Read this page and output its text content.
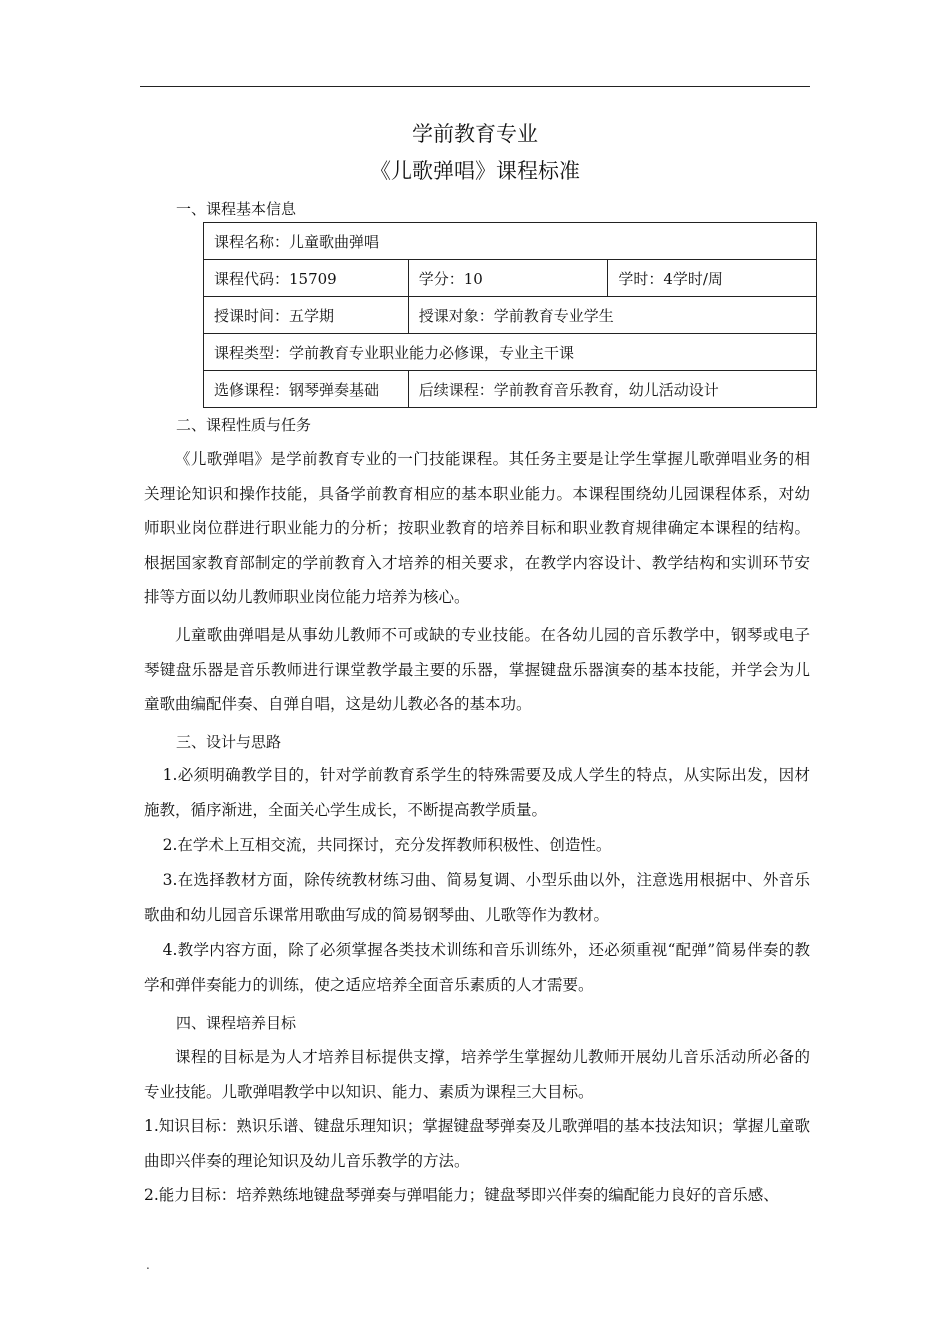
学前教育专业
《儿歌弹唱》课程标准
一、课程基本信息
课程名称：儿童歌曲弹唱		
课程代码：15709	学分：10	学时：4学时/周
授课时间：五学期	授课对象：学前教育专业学生	
课程类型：学前教育专业职业能力必修课，专业主干课		
选修课程：钢琴弹奏基础	后续课程：学前教育音乐教育，幼儿活动设计	
二、课程性质与任务

《儿歌弹唱》是学前教育专业的一门技能课程。其任务主要是让学生掌握儿歌弹唱业务的相关理论知识和操作技能，具备学前教育相应的基本职业能力。本课程围绕幼儿园课程体系，对幼师职业岗位群进行职业能力的分析；按职业教育的培养目标和职业教育规律确定本课程的结构。根据国家教育部制定的学前教育入才培养的相关要求，在教学内容设计、教学结构和实训环节安排等方面以幼儿教师职业岗位能力培养为核心。

儿童歌曲弹唱是从事幼儿教师不可或缺的专业技能。在各幼儿园的音乐教学中，钢琴或电子琴键盘乐器是音乐教师进行课堂教学最主要的乐器，掌握键盘乐器演奏的基本技能，并学会为儿童歌曲编配伴奏、自弹自唱，这是幼儿教必各的基本功。

三、设计与思路

1.必须明确教学目的，针对学前教育系学生的特殊需要及成人学生的特点，从实际出发，因材施教，循序渐进，全面关心学生成长，不断提高教学质量。

2.在学术上互相交流，共同探讨，充分发挥教师积极性、创造性。

3.在选择教材方面，除传统教材练习曲、简易复调、小型乐曲以外，注意选用根据中、外音乐歌曲和幼儿园音乐课常用歌曲写成的简易钢琴曲、儿歌等作为教材。

4.教学内容方面，除了必须掌握各类技术训练和音乐训练外，还必须重视“配弹”简易伴奏的教学和弹伴奏能力的训练，使之适应培养全面音乐素质的人才需要。

四、课程培养目标

课程的目标是为人才培养目标提供支撑，培养学生掌握幼儿教师开展幼儿音乐活动所必备的专业技能。儿歌弹唱教学中以知识、能力、素质为课程三大目标。

1.知识目标：熟识乐谱、键盘乐理知识；掌握键盘琴弹奏及儿歌弹唱的基本技法知识；掌握儿童歌曲即兴伴奏的理论知识及幼儿音乐教学的方法。

2.能力目标：培养熟练地键盘琴弹奏与弹唱能力；键盘琴即兴伴奏的编配能力良好的音乐感、

.
